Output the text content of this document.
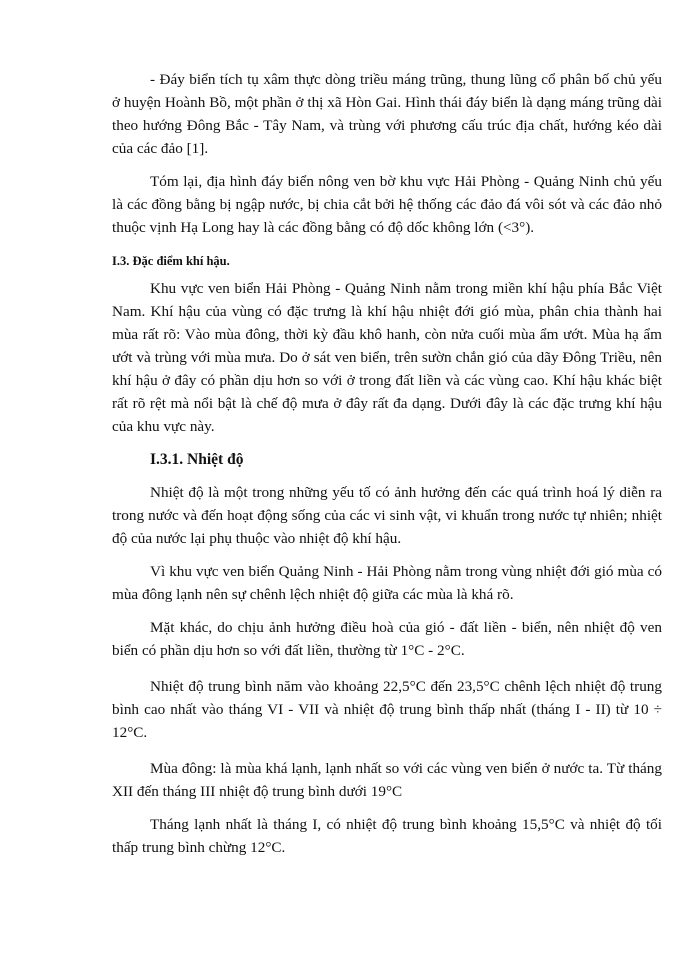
- Đáy biển tích tụ xâm thực dòng triều máng trũng, thung lũng cổ phân bố chủ yếu ở huyện Hoành Bồ, một phần ở thị xã Hòn Gai. Hình thái đáy biển là dạng máng trũng dài theo hướng Đông Bắc - Tây Nam, và trùng với phương cấu trúc địa chất, hướng kéo dài của các đảo [1].

Tóm lại, địa hình đáy biển nông ven bờ khu vực Hải Phòng - Quảng Ninh chủ yếu là các đồng bằng bị ngập nước, bị chia cắt bởi hệ thống các đảo đá vôi sót và các đảo nhỏ thuộc vịnh Hạ Long hay là các đồng bằng có độ dốc không lớn (<3°).

I.3. Đặc điểm khí hậu.

Khu vực ven biển Hải Phòng - Quảng Ninh nằm trong miền khí hậu phía Bắc Việt Nam. Khí hậu của vùng có đặc trưng là khí hậu nhiệt đới gió mùa, phân chia thành hai mùa rất rõ: Vào mùa đông, thời kỳ đầu khô hanh, còn nửa cuối mùa ẩm ướt. Mùa hạ ẩm ướt và trùng với mùa mưa. Do ở sát ven biển, trên sườn chắn gió của dãy Đông Triều, nên khí hậu ở đây có phần dịu hơn so với ở trong đất liền và các vùng cao. Khí hậu khác biệt rất rõ rệt mà nổi bật là chế độ mưa ở đây rất đa dạng. Dưới đây là các đặc trưng khí hậu của khu vực này.

I.3.1. Nhiệt độ

Nhiệt độ là một trong những yếu tố có ảnh hưởng đến các quá trình hoá lý diễn ra trong nước và đến hoạt động sống của các vi sinh vật, vi khuẩn trong nước tự nhiên; nhiệt độ của nước lại phụ thuộc vào nhiệt độ khí hậu.

Vì khu vực ven biển Quảng Ninh - Hải Phòng nằm trong vùng nhiệt đới gió mùa có mùa đông lạnh nên sự chênh lệch nhiệt độ giữa các mùa là khá rõ.

Mặt khác, do chịu ảnh hưởng điều hoà của gió - đất liền - biển, nên nhiệt độ ven biển có phần dịu hơn so với đất liền, thường từ 1°C - 2°C.

Nhiệt độ trung bình năm vào khoảng 22,5°C đến 23,5°C chênh lệch nhiệt độ trung bình cao nhất vào tháng VI - VII và nhiệt độ trung bình thấp nhất (tháng I - II) từ 10 ÷ 12°C.

Mùa đông: là mùa khá lạnh, lạnh nhất so với các vùng ven biển ở nước ta. Từ tháng XII đến tháng III nhiệt độ trung bình dưới 19°C

Tháng lạnh nhất là tháng I, có nhiệt độ trung bình khoảng 15,5°C và nhiệt độ tối thấp trung bình chừng 12°C.
